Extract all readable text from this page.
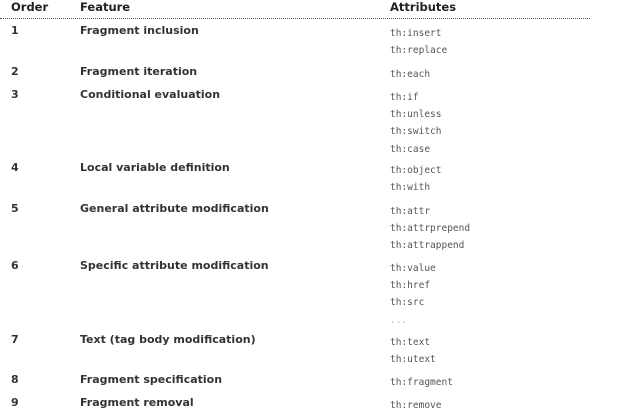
Order	Feature	Attributes
1	Fragment inclusion	th:insert
th:replace
2	Fragment iteration	th:each
3	Conditional evaluation	th:if
th:unless
th:switch
th:case
4	Local variable definition	th:object
th:with
5	General attribute modification	th:attr
th:attrprepend
th:attrappend
6	Specific attribute modification	th:value
th:href
th:src
...
7	Text (tag body modification)	th:text
th:utext
8	Fragment specification	th:fragment
9	Fragment removal	th:remove
